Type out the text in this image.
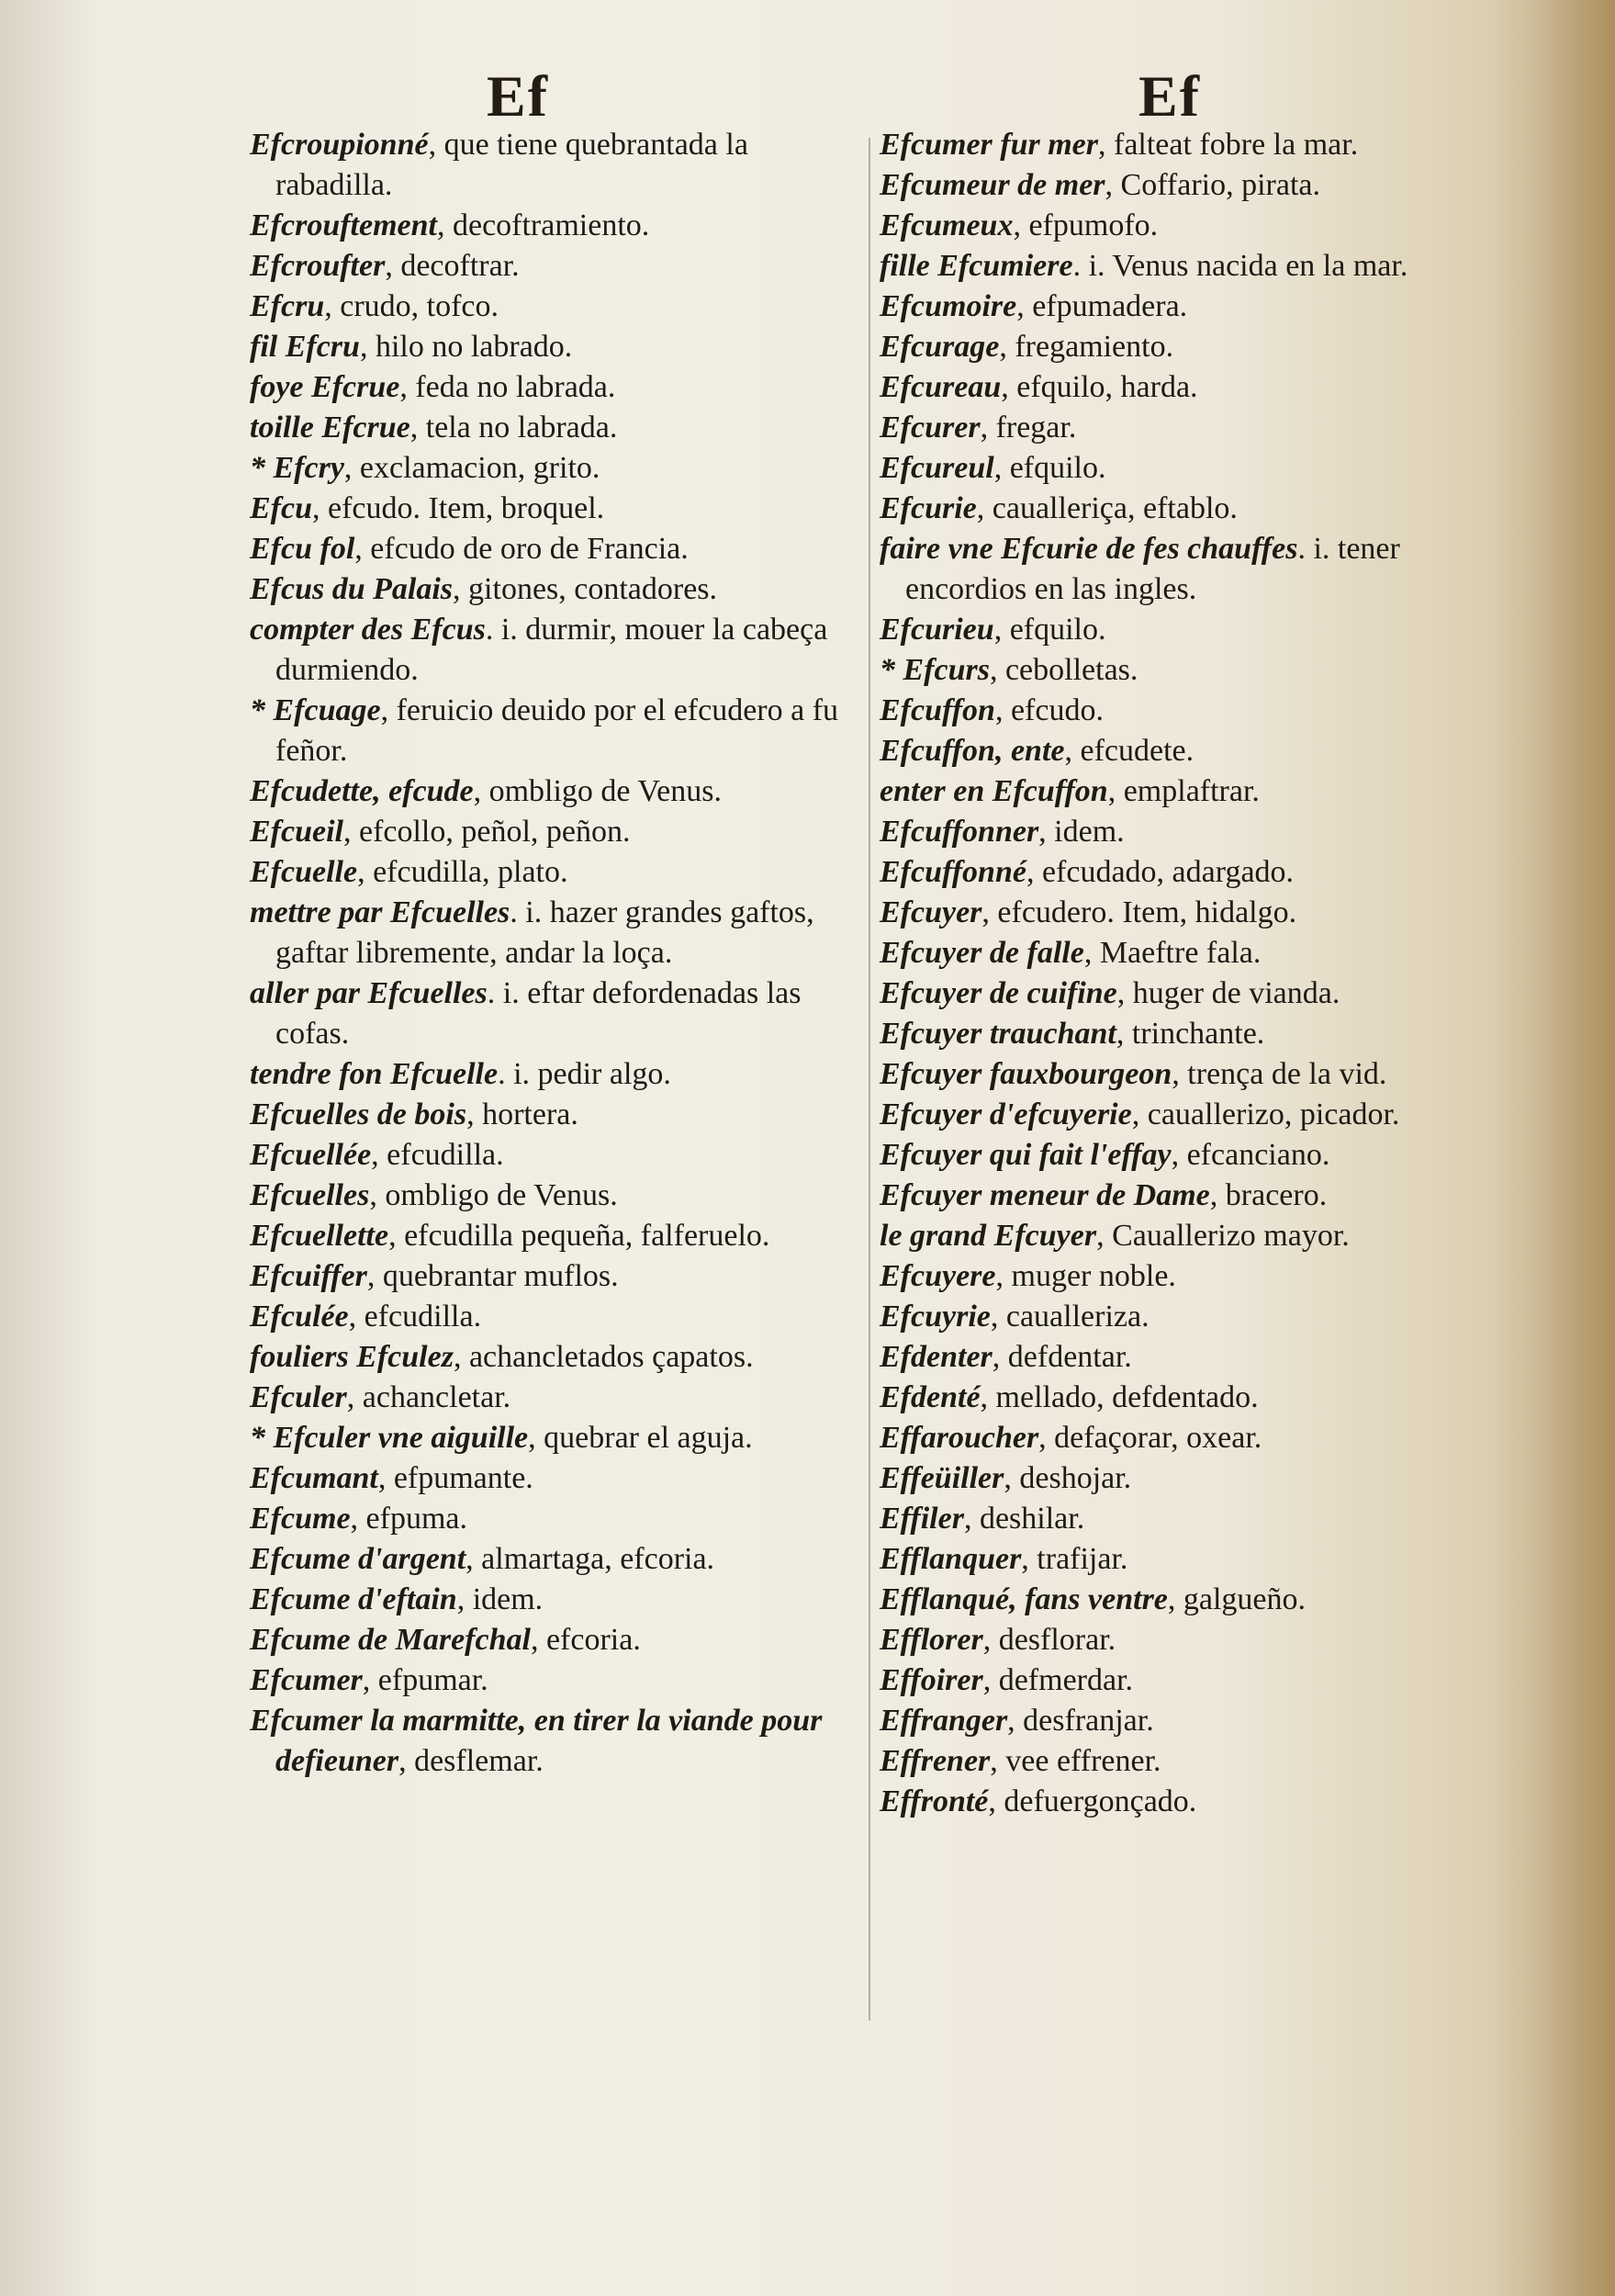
Ef	Ef

Efcroupionné, que tiene quebrantada la rabadilla.

Efcrouftement, decoftramiento.

Efcroufter, decoftrar.

Efcru, crudo, tofco.

fil Efcru, hilo no labrado.

foye Efcrue, feda no labrada.

toille Efcrue, tela no labrada.

* Efcry, exclamacion, grito.

Efcu, efcudo. Item, broquel.

Efcu fol, efcudo de oro de Francia.

Efcus du Palais, gitones, contadores.

compter des Efcus. i. durmir, mouer la cabeça durmiendo.

* Efcuage, feruicio deuido por el efcudero a fu feñor.

Efcudette, efcude, ombligo de Venus.

Efcueil, efcollo, peñol, peñon.

Efcuelle, efcudilla, plato.

mettre par Efcuelles. i. hazer grandes gaftos, gaftar libremente, andar la loça.

aller par Efcuelles. i. eftar defordenadas las cofas.

tendre fon Efcuelle. i. pedir algo.

Efcuelles de bois, hortera.

Efcuellée, efcudilla.

Efcuelles, ombligo de Venus.

Efcuellette, efcudilla pequeña, falferuelo.

Efcuiffer, quebrantar muflos.

Efculée, efcudilla.

fouliers Efculez, achancletados çapatos.

Efculer, achancletar.

* Efculer vne aiguille, quebrar el aguja.

Efcumant, efpumante.

Efcume, efpuma.

Efcume d'argent, almartaga, efcoria.

Efcume d'eftain, idem.

Efcume de Marefchal, efcoria.

Efcumer, efpumar.

Efcumer la marmitte, en tirer la viande pour defieuner, desflemar.

Efcumer fur mer, falteat fobre la mar.

Efcumeur de mer, Coffario, pirata.

Efcumeux, efpumofo.

fille Efcumiere. i. Venus nacida en la mar.

Efcumoire, efpumadera.

Efcurage, fregamiento.

Efcureau, efquilo, harda.

Efcurer, fregar.

Efcureul, efquilo.

Efcurie, caualleriça, eftablo.

faire vne Efcurie de fes chauffes. i. tener encordios en las ingles.

Efcurieu, efquilo.

* Efcurs, cebolletas.

Efcuffon, efcudo.

Efcuffon, ente, efcudete.

enter en Efcuffon, emplaftrar.

Efcuffonner, idem.

Efcuffonné, efcudado, adargado.

Efcuyer, efcudero. Item, hidalgo.

Efcuyer de falle, Maeftre fala.

Efcuyer de cuifine, huger de vianda.

Efcuyer trauchant, trinchante.

Efcuyer fauxbourgeon, trença de la vid.

Efcuyer d'efcuyerie, cauallerizo, picador.

Efcuyer qui fait l'effay, efcanciano.

Efcuyer meneur de Dame, bracero.

le grand Efcuyer, Cauallerizo mayor.

Efcuyere, muger noble.

Efcuyrie, caualleriza.

Efdenter, defdentar.

Efdenté, mellado, defdentado.

Effaroucher, defaçorar, oxear.

Effeüiller, deshojar.

Effiler, deshilar.

Efflanquer, trafijar.

Efflanqué, fans ventre, galgueño.

Efflorer, desflorar.

Effoirer, defmerdar.

Effranger, desfranjar.

Effrener, vee effrener.

Effronté, defuergonçado.
